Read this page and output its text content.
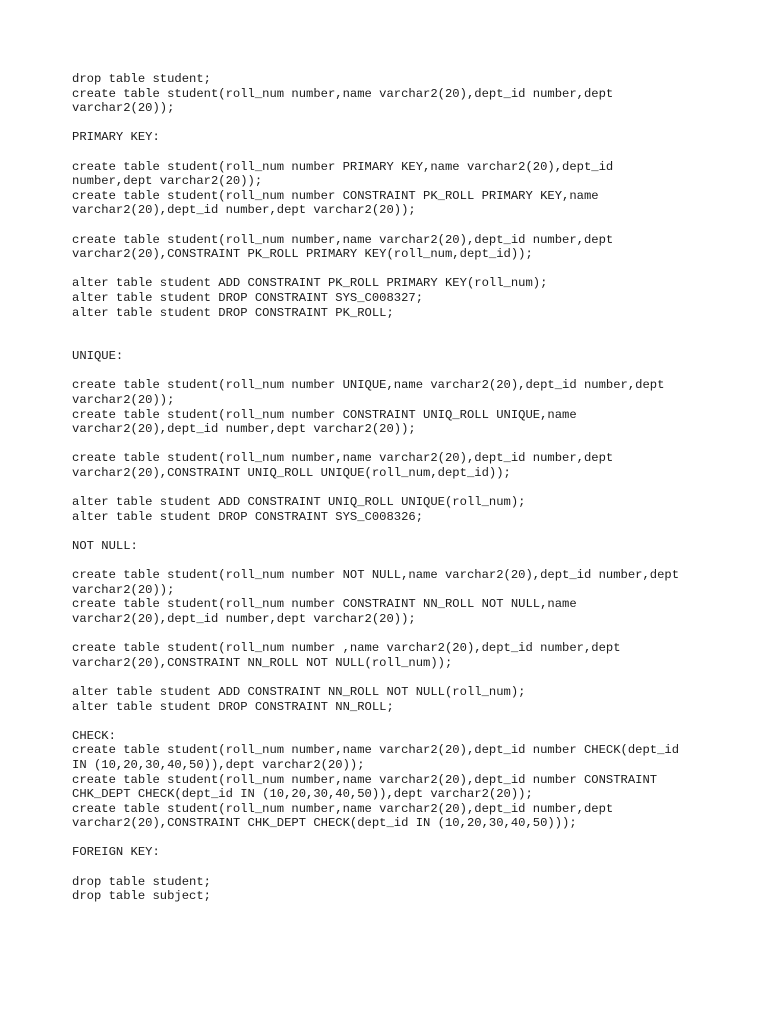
drop table student;
create table student(roll_num number,name varchar2(20),dept_id number,dept
varchar2(20));
PRIMARY KEY:
create table student(roll_num number PRIMARY KEY,name varchar2(20),dept_id
number,dept varchar2(20));
create table student(roll_num number CONSTRAINT PK_ROLL PRIMARY KEY,name
varchar2(20),dept_id number,dept varchar2(20));
create table student(roll_num number,name varchar2(20),dept_id number,dept
varchar2(20),CONSTRAINT PK_ROLL PRIMARY KEY(roll_num,dept_id));
alter table student ADD CONSTRAINT PK_ROLL PRIMARY KEY(roll_num);
alter table student DROP CONSTRAINT SYS_C008327;
alter table student DROP CONSTRAINT PK_ROLL;
UNIQUE:
create table student(roll_num number UNIQUE,name varchar2(20),dept_id number,dept
varchar2(20));
create table student(roll_num number CONSTRAINT UNIQ_ROLL UNIQUE,name
varchar2(20),dept_id number,dept varchar2(20));
create table student(roll_num number,name varchar2(20),dept_id number,dept
varchar2(20),CONSTRAINT UNIQ_ROLL UNIQUE(roll_num,dept_id));
alter table student ADD CONSTRAINT UNIQ_ROLL UNIQUE(roll_num);
alter table student DROP CONSTRAINT SYS_C008326;
NOT NULL:
create table student(roll_num number NOT NULL,name varchar2(20),dept_id number,dept
varchar2(20));
create table student(roll_num number CONSTRAINT NN_ROLL NOT NULL,name
varchar2(20),dept_id number,dept varchar2(20));
create table student(roll_num number ,name varchar2(20),dept_id number,dept
varchar2(20),CONSTRAINT NN_ROLL NOT NULL(roll_num));
alter table student ADD CONSTRAINT NN_ROLL NOT NULL(roll_num);
alter table student DROP CONSTRAINT NN_ROLL;
CHECK:
create table student(roll_num number,name varchar2(20),dept_id number CHECK(dept_id
IN (10,20,30,40,50)),dept varchar2(20));
create table student(roll_num number,name varchar2(20),dept_id number CONSTRAINT
CHK_DEPT CHECK(dept_id IN (10,20,30,40,50)),dept varchar2(20));
create table student(roll_num number,name varchar2(20),dept_id number,dept
varchar2(20),CONSTRAINT CHK_DEPT CHECK(dept_id IN (10,20,30,40,50)));
FOREIGN KEY:
drop table student;
drop table subject;
